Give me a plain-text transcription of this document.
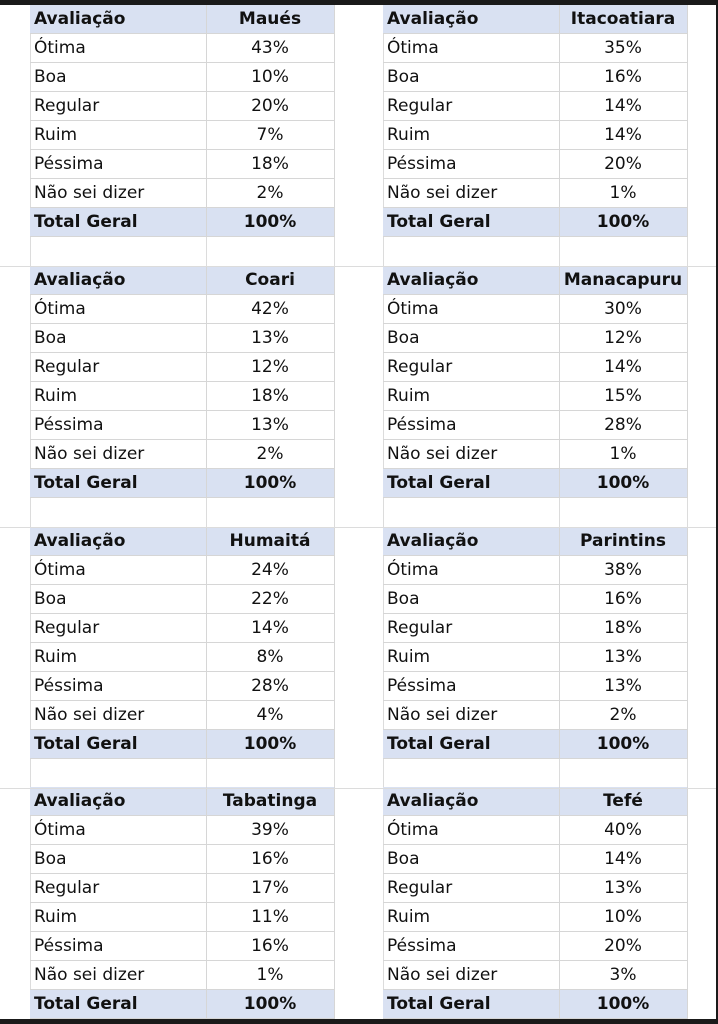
Avaliação	Maués
Ótima	43%
Boa	10%
Regular	20%
Ruim	7%
Péssima	18%
Não sei dizer	2%
Total Geral	100%
Avaliação	Itacoatiara
Ótima	35%
Boa	16%
Regular	14%
Ruim	14%
Péssima	20%
Não sei dizer	1%
Total Geral	100%
Avaliação	Coari
Ótima	42%
Boa	13%
Regular	12%
Ruim	18%
Péssima	13%
Não sei dizer	2%
Total Geral	100%
Avaliação	Manacapuru
Ótima	30%
Boa	12%
Regular	14%
Ruim	15%
Péssima	28%
Não sei dizer	1%
Total Geral	100%
Avaliação	Humaitá
Ótima	24%
Boa	22%
Regular	14%
Ruim	8%
Péssima	28%
Não sei dizer	4%
Total Geral	100%
Avaliação	Parintins
Ótima	38%
Boa	16%
Regular	18%
Ruim	13%
Péssima	13%
Não sei dizer	2%
Total Geral	100%
Avaliação	Tabatinga
Ótima	39%
Boa	16%
Regular	17%
Ruim	11%
Péssima	16%
Não sei dizer	1%
Total Geral	100%
Avaliação	Tefé
Ótima	40%
Boa	14%
Regular	13%
Ruim	10%
Péssima	20%
Não sei dizer	3%
Total Geral	100%
